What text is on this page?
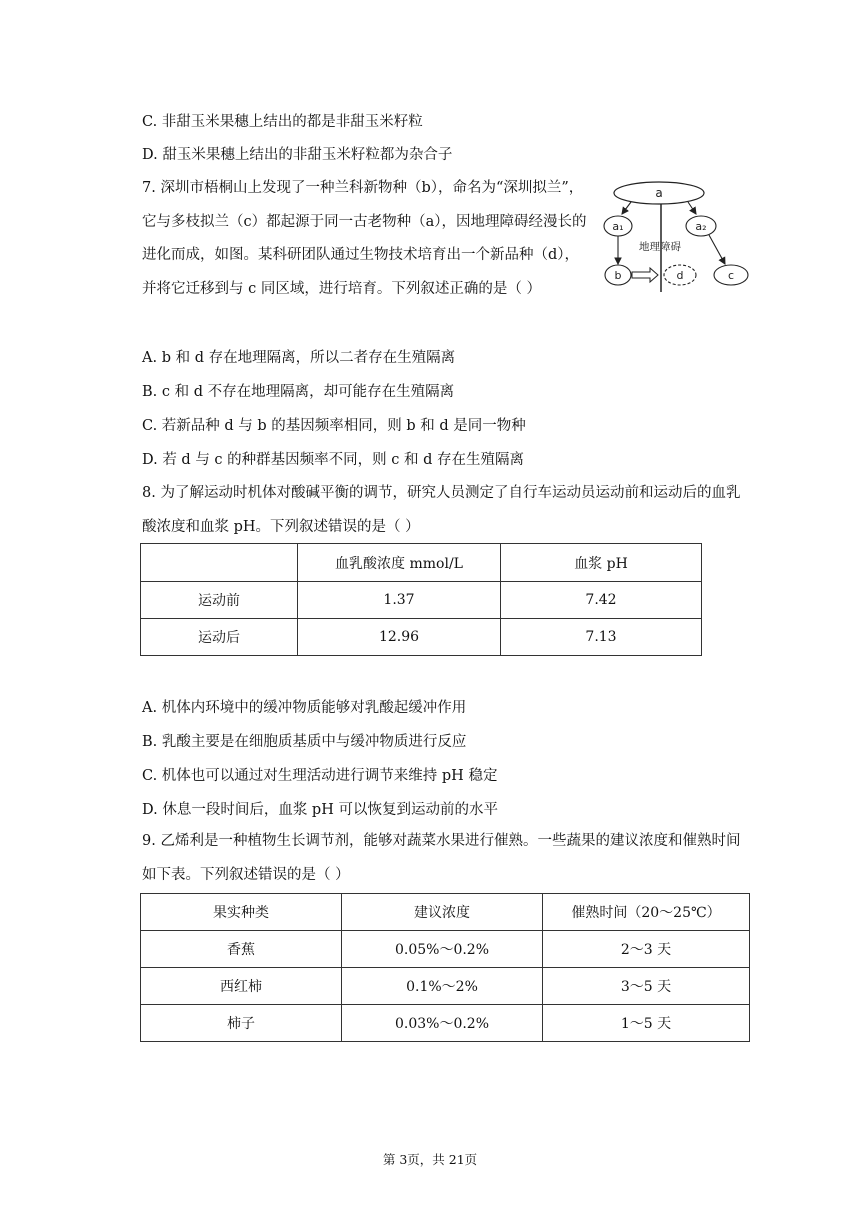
C. 非甜玉米果穗上结出的都是非甜玉米籽粒
D. 甜玉米果穗上结出的非甜玉米籽粒都为杂合子
7. 深圳市梧桐山上发现了一种兰科新物种（b），命名为“深圳拟兰”，它与多枝拟兰（c）都起源于同一古老物种（a），因地理障碍经漫长的进化而成，如图。某科研团队通过生物技术培育出一个新品种（d），并将它迁移到与 c 同区域，进行培育。下列叙述正确的是（ ）
a
a₁	a₂
地理障碍
b	d	c
A. b 和 d 存在地理隔离，所以二者存在生殖隔离
B. c 和 d 不存在地理隔离，却可能存在生殖隔离
C. 若新品种 d 与 b 的基因频率相同，则 b 和 d 是同一物种
D. 若 d 与 c 的种群基因频率不同，则 c 和 d 存在生殖隔离
8. 为了解运动时机体对酸碱平衡的调节，研究人员测定了自行车运动员运动前和运动后的血乳酸浓度和血浆 pH。下列叙述错误的是（ ）
	血乳酸浓度 mmol/L	血浆 pH
运动前	1.37	7.42
运动后	12.96	7.13
A. 机体内环境中的缓冲物质能够对乳酸起缓冲作用
B. 乳酸主要是在细胞质基质中与缓冲物质进行反应
C. 机体也可以通过对生理活动进行调节来维持 pH 稳定
D. 休息一段时间后，血浆 pH 可以恢复到运动前的水平
9. 乙烯利是一种植物生长调节剂，能够对蔬菜水果进行催熟。一些蔬果的建议浓度和催熟时间如下表。下列叙述错误的是（ ）
果实种类	建议浓度	催熟时间（20～25℃）
香蕉	0.05%～0.2%	2～3 天
西红柿	0.1%～2%	3～5 天
柿子	0.03%～0.2%	1～5 天
第 3页，共 21页
